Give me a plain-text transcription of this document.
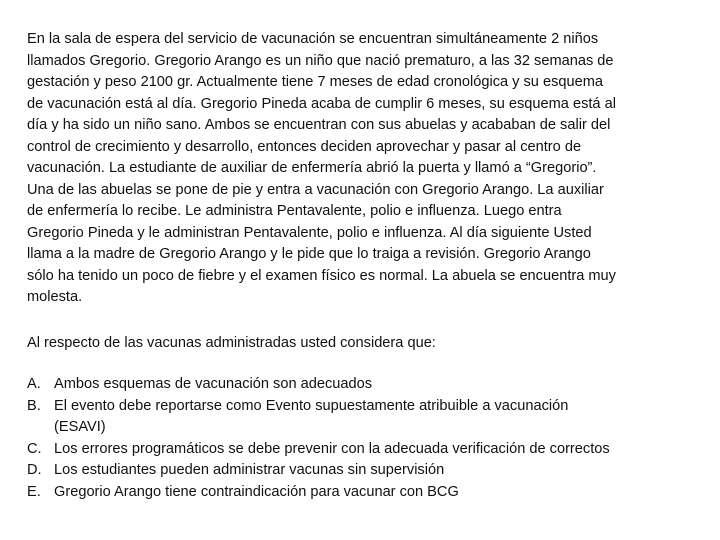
En la sala de espera del servicio de vacunación se encuentran simultáneamente 2 niños
llamados Gregorio. Gregorio Arango es un niño que nació prematuro, a las 32 semanas de
gestación y peso 2100 gr. Actualmente tiene 7 meses de edad cronológica y su esquema
de vacunación está al día. Gregorio Pineda acaba de cumplir 6 meses, su esquema está al
día y ha sido un niño sano. Ambos se encuentran con sus abuelas y acababan de salir del
control de crecimiento y desarrollo, entonces deciden aprovechar y pasar al centro de
vacunación. La estudiante de auxiliar de enfermería abrió la puerta y llamó a “Gregorio”.
Una de las abuelas se pone de pie y entra a vacunación con Gregorio Arango. La auxiliar
de enfermería lo recibe. Le administra Pentavalente, polio e influenza. Luego entra
Gregorio Pineda y le administran Pentavalente, polio e influenza. Al día siguiente Usted
llama a la madre de Gregorio Arango y le pide que lo traiga a revisión. Gregorio Arango
sólo ha tenido un poco de fiebre y el examen físico es normal. La abuela se encuentra muy
molesta.
Al respecto de las vacunas administradas usted considera que:
A. Ambos esquemas de vacunación son adecuados
B. El evento debe reportarse como Evento supuestamente atribuible a vacunación
(ESAVI)
C. Los errores programáticos se debe prevenir con la adecuada verificación de correctos
D. Los estudiantes pueden administrar vacunas sin supervisión
E. Gregorio Arango tiene contraindicación para vacunar con BCG
